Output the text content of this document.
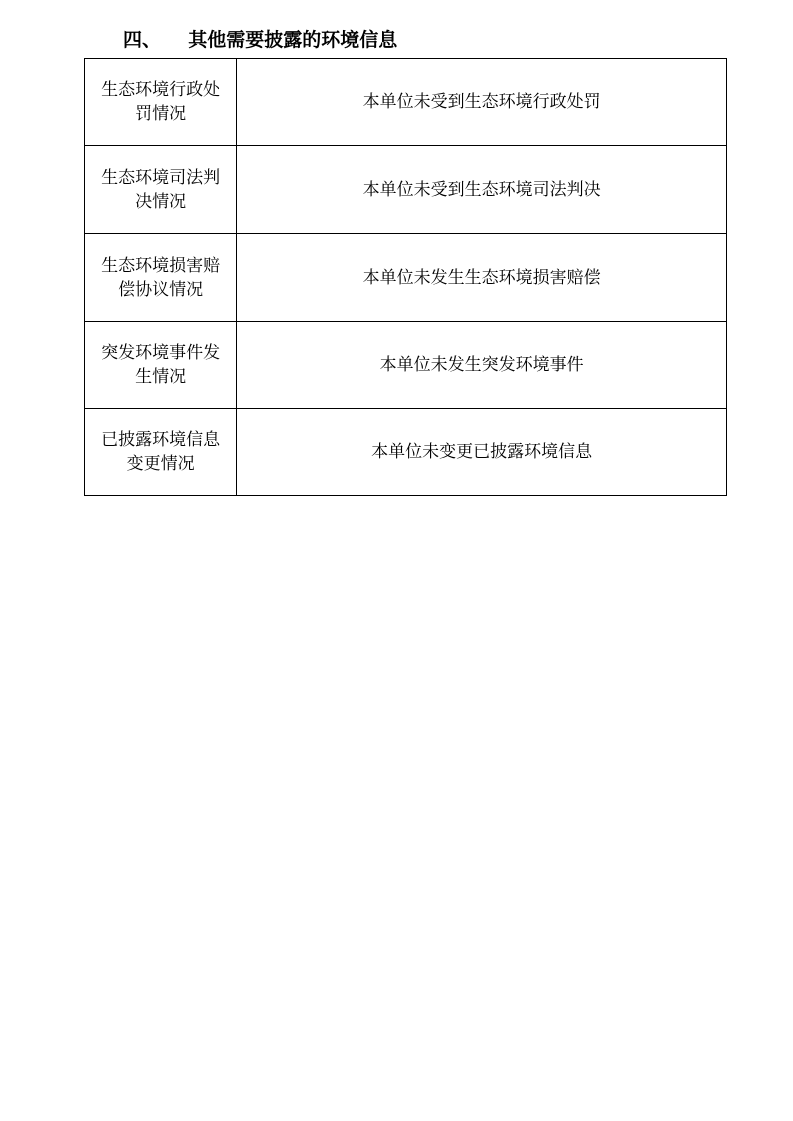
四、 其他需要披露的环境信息
生态环境行政处罚情况	本单位未受到生态环境行政处罚
生态环境司法判决情况	本单位未受到生态环境司法判决
生态环境损害赔偿协议情况	本单位未发生生态环境损害赔偿
突发环境事件发生情况	本单位未发生突发环境事件
已披露环境信息变更情况	本单位未变更已披露环境信息
